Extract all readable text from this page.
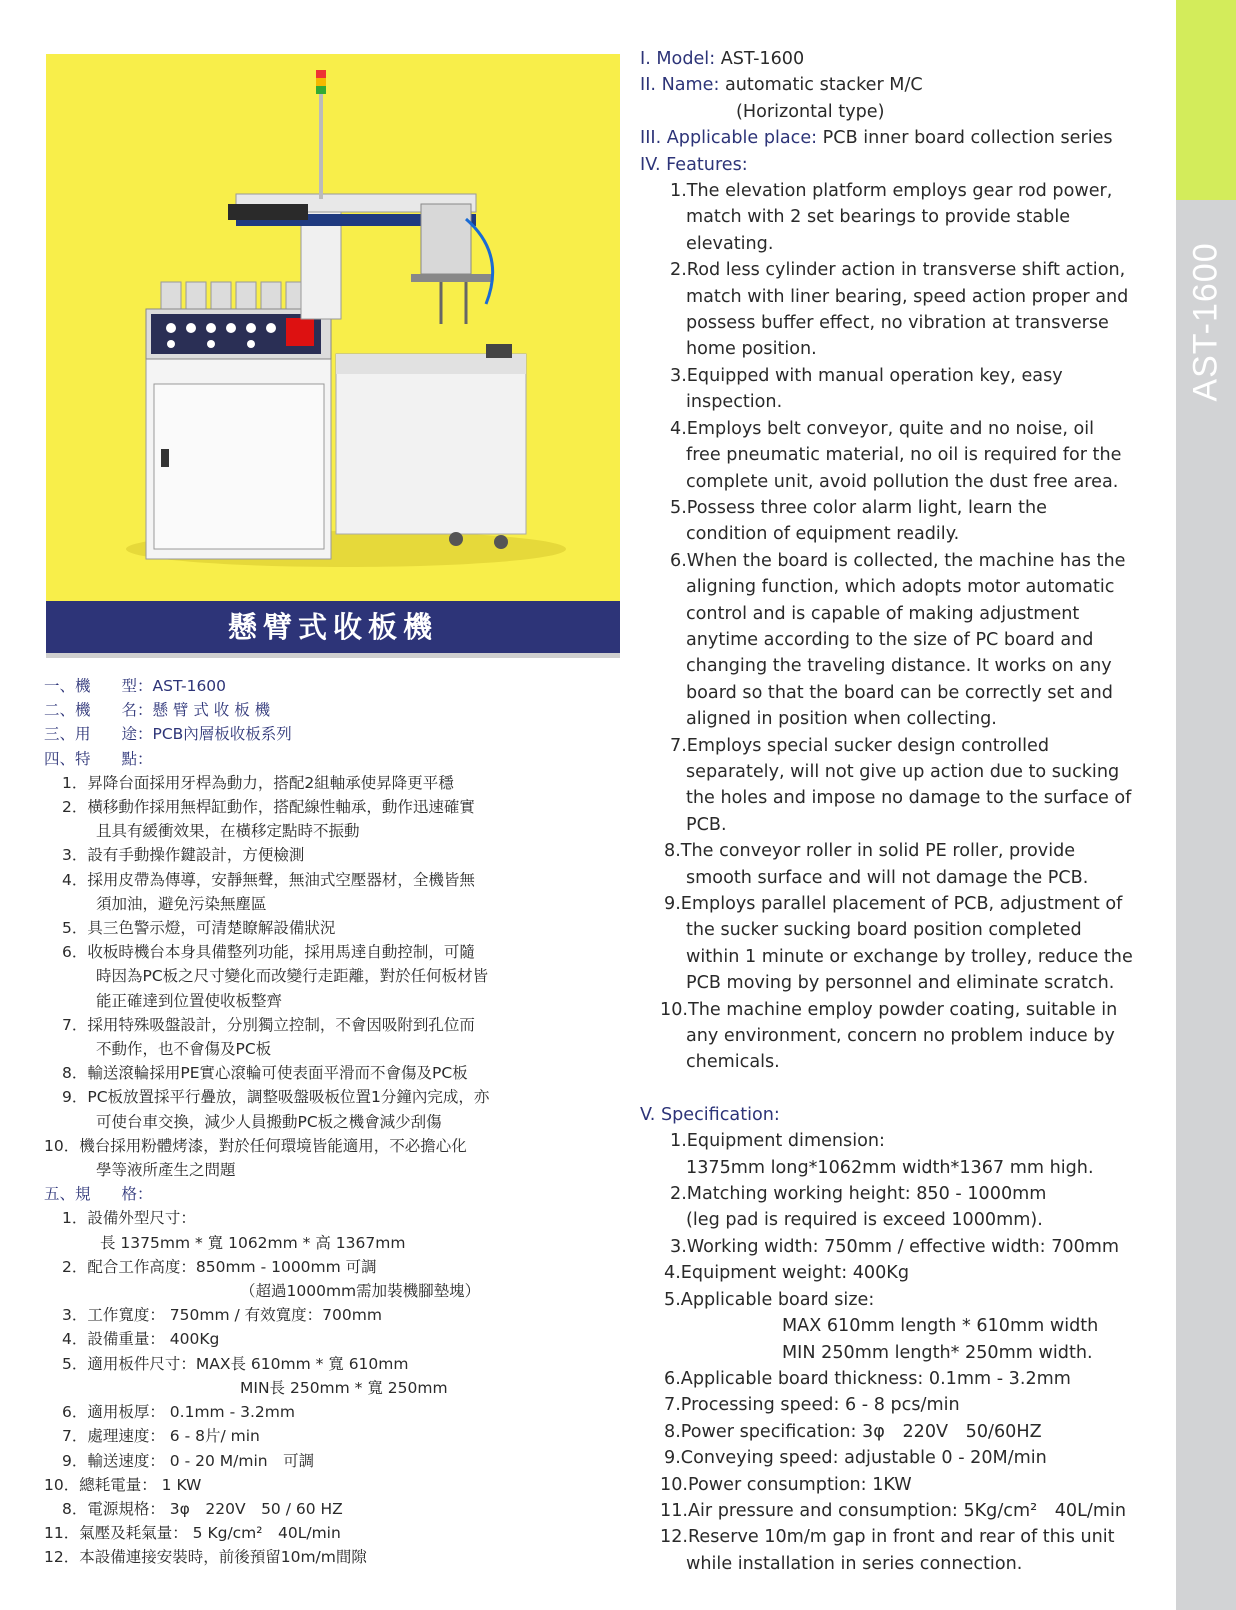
AST-1600
懸臂式收板機
一、機　　型：AST-1600
二、機　　名：懸 臂 式 收 板 機
三、用　　途：PCB內層板收板系列
四、特　　點：
1．昇降台面採用牙桿為動力，搭配2組軸承使昇降更平穩
2．橫移動作採用無桿缸動作，搭配線性軸承，動作迅速確實
且具有緩衝效果，在橫移定點時不振動
3．設有手動操作鍵設計，方便檢測
4．採用皮帶為傳導，安靜無聲，無油式空壓器材，全機皆無
須加油，避免污染無塵區
5．具三色警示燈，可清楚瞭解設備狀況
6．收板時機台本身具備整列功能，採用馬達自動控制，可隨
時因為PC板之尺寸變化而改變行走距離，對於任何板材皆
能正確達到位置使收板整齊
7．採用特殊吸盤設計，分別獨立控制，不會因吸附到孔位而
不動作，也不會傷及PC板
8．輸送滾輪採用PE實心滾輪可使表面平滑而不會傷及PC板
9．PC板放置採平行疊放，調整吸盤吸板位置1分鐘內完成，亦
可使台車交換，減少人員搬動PC板之機會減少刮傷
10．機台採用粉體烤漆，對於任何環境皆能適用，不必擔心化
學等液所產生之問題
五、規　　格：
1．設備外型尺寸：
長 1375mm * 寬 1062mm * 高 1367mm
2．配合工作高度：850mm - 1000mm 可調
（超過1000mm需加裝機腳墊塊）
3．工作寬度： 750mm / 有效寬度：700mm
4．設備重量： 400Kg
5．適用板件尺寸：MAX長 610mm * 寬 610mm
MIN長 250mm * 寬 250mm
6．適用板厚： 0.1mm - 3.2mm
7．處理速度： 6 - 8片/ min
9．輸送速度： 0 - 20 M/min　可調
10．總耗電量： 1 KW
8．電源規格： 3φ　220V　50 / 60 HZ
11．氣壓及耗氣量： 5 Kg/cm²　40L/min
12．本設備連接安裝時，前後預留10m/m間隙
I. Model: AST-1600
II. Name: automatic stacker M/C
(Horizontal type)
III. Applicable place: PCB inner board collection series
IV. Features:
1.The elevation platform employs gear rod power,
match with 2 set bearings to provide stable
elevating.
2.Rod less cylinder action in transverse shift action,
match with liner bearing, speed action proper and
possess buffer effect, no vibration at transverse
home position.
3.Equipped with manual operation key, easy
inspection.
4.Employs belt conveyor, quite and no noise, oil
free pneumatic material, no oil is required for the
complete unit, avoid pollution the dust free area.
5.Possess three color alarm light, learn the
condition of equipment readily.
6.When the board is collected, the machine has the
aligning function, which adopts motor automatic
control and is capable of making adjustment
anytime according to the size of PC board and
changing the traveling distance. It works on any
board so that the board can be correctly set and
aligned in position when collecting.
7.Employs special sucker design controlled
separately, will not give up action due to sucking
the holes and impose no damage to the surface of
PCB.
8.The conveyor roller in solid PE roller, provide
smooth surface and will not damage the PCB.
9.Employs parallel placement of PCB, adjustment of
the sucker sucking board position completed
within 1 minute or exchange by trolley, reduce the
PCB moving by personnel and eliminate scratch.
10.The machine employ powder coating, suitable in
any environment, concern no problem induce by
chemicals.
V. Specification:
1.Equipment dimension:
1375mm long*1062mm width*1367 mm high.
2.Matching working height: 850 - 1000mm
(leg pad is required is exceed 1000mm).
3.Working width: 750mm / effective width: 700mm
4.Equipment weight: 400Kg
5.Applicable board size:
MAX 610mm length * 610mm width
MIN 250mm length* 250mm width.
6.Applicable board thickness: 0.1mm - 3.2mm
7.Processing speed: 6 - 8 pcs/min
8.Power specification: 3φ　220V　50/60HZ
9.Conveying speed: adjustable 0 - 20M/min
10.Power consumption: 1KW
11.Air pressure and consumption: 5Kg/cm²　40L/min
12.Reserve 10m/m gap in front and rear of this unit
while installation in series connection.
